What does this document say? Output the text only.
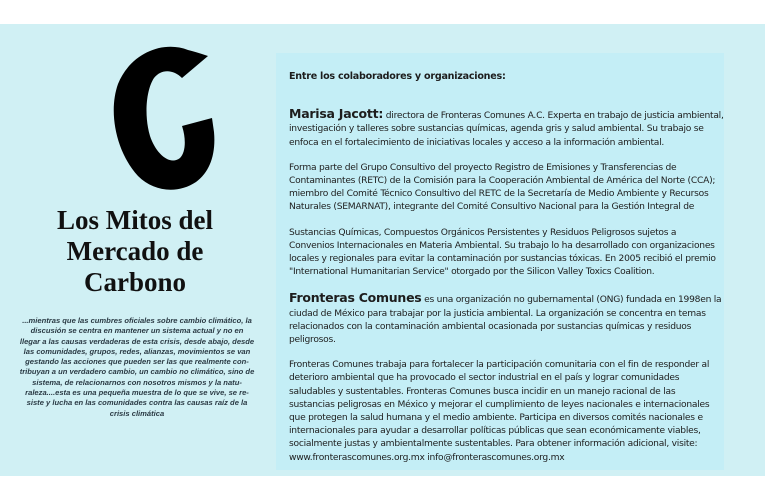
Los Mitos del
Mercado de
Carbono
...mientras que las cumbres oficiales sobre cambio climático, la
discusión se centra en mantener un sistema actual y no en
llegar a las causas verdaderas de esta crisis, desde abajo, desde
las comunidades, grupos, redes, alianzas, movimientos se van
gestando las acciones que pueden ser las que realmente con-
tribuyan a un verdadero cambio, un cambio no climático, sino de
sistema, de relacionarnos con nosotros mismos y la natu-
raleza....esta es una pequeña muestra de lo que se vive, se re-
siste y lucha en las comunidades contra las causas raíz de la
crisis climática

Entre los colaboradores y organizaciones:

Marisa Jacott: directora de Fronteras Comunes A.C. Experta en trabajo de justicia ambiental,

investigación y talleres sobre sustancias químicas, agenda gris y salud ambiental. Su trabajo se

enfoca en el fortalecimiento de iniciativas locales y acceso a la información ambiental.

Forma parte del Grupo Consultivo del proyecto Registro de Emisiones y Transferencias de

Contaminantes (RETC) de la Comisión para la Cooperación Ambiental de América del Norte (CCA);

miembro del Comité Técnico Consultivo del RETC de la Secretaría de Medio Ambiente y Recursos

Naturales (SEMARNAT), integrante del Comité Consultivo Nacional para la Gestión Integral de

Sustancias Químicas, Compuestos Orgánicos Persistentes y Residuos Peligrosos sujetos a

Convenios Internacionales en Materia Ambiental. Su trabajo lo ha desarrollado con organizaciones

locales y regionales para evitar la contaminación por sustancias tóxicas. En 2005 recibió el premio

"International Humanitarian Service" otorgado por the Silicon Valley Toxics Coalition.

Fronteras Comunes es una organización no gubernamental (ONG) fundada en 1998en la

ciudad de México para trabajar por la justicia ambiental. La organización se concentra en temas

relacionados con la contaminación ambiental ocasionada por sustancias químicas y residuos

peligrosos.

Fronteras Comunes trabaja para fortalecer la participación comunitaria con el fin de responder al

deterioro ambiental que ha provocado el sector industrial en el país y lograr comunidades

saludables y sustentables. Fronteras Comunes busca incidir en un manejo racional de las

sustancias peligrosas en México y mejorar el cumplimiento de leyes nacionales e internacionales

que protegen la salud humana y el medio ambiente. Participa en diversos comités nacionales e

internacionales para ayudar a desarrollar políticas públicas que sean económicamente viables,

socialmente justas y ambientalmente sustentables. Para obtener información adicional, visite:

www.fronterascomunes.org.mx info@fronterascomunes.org.mx
